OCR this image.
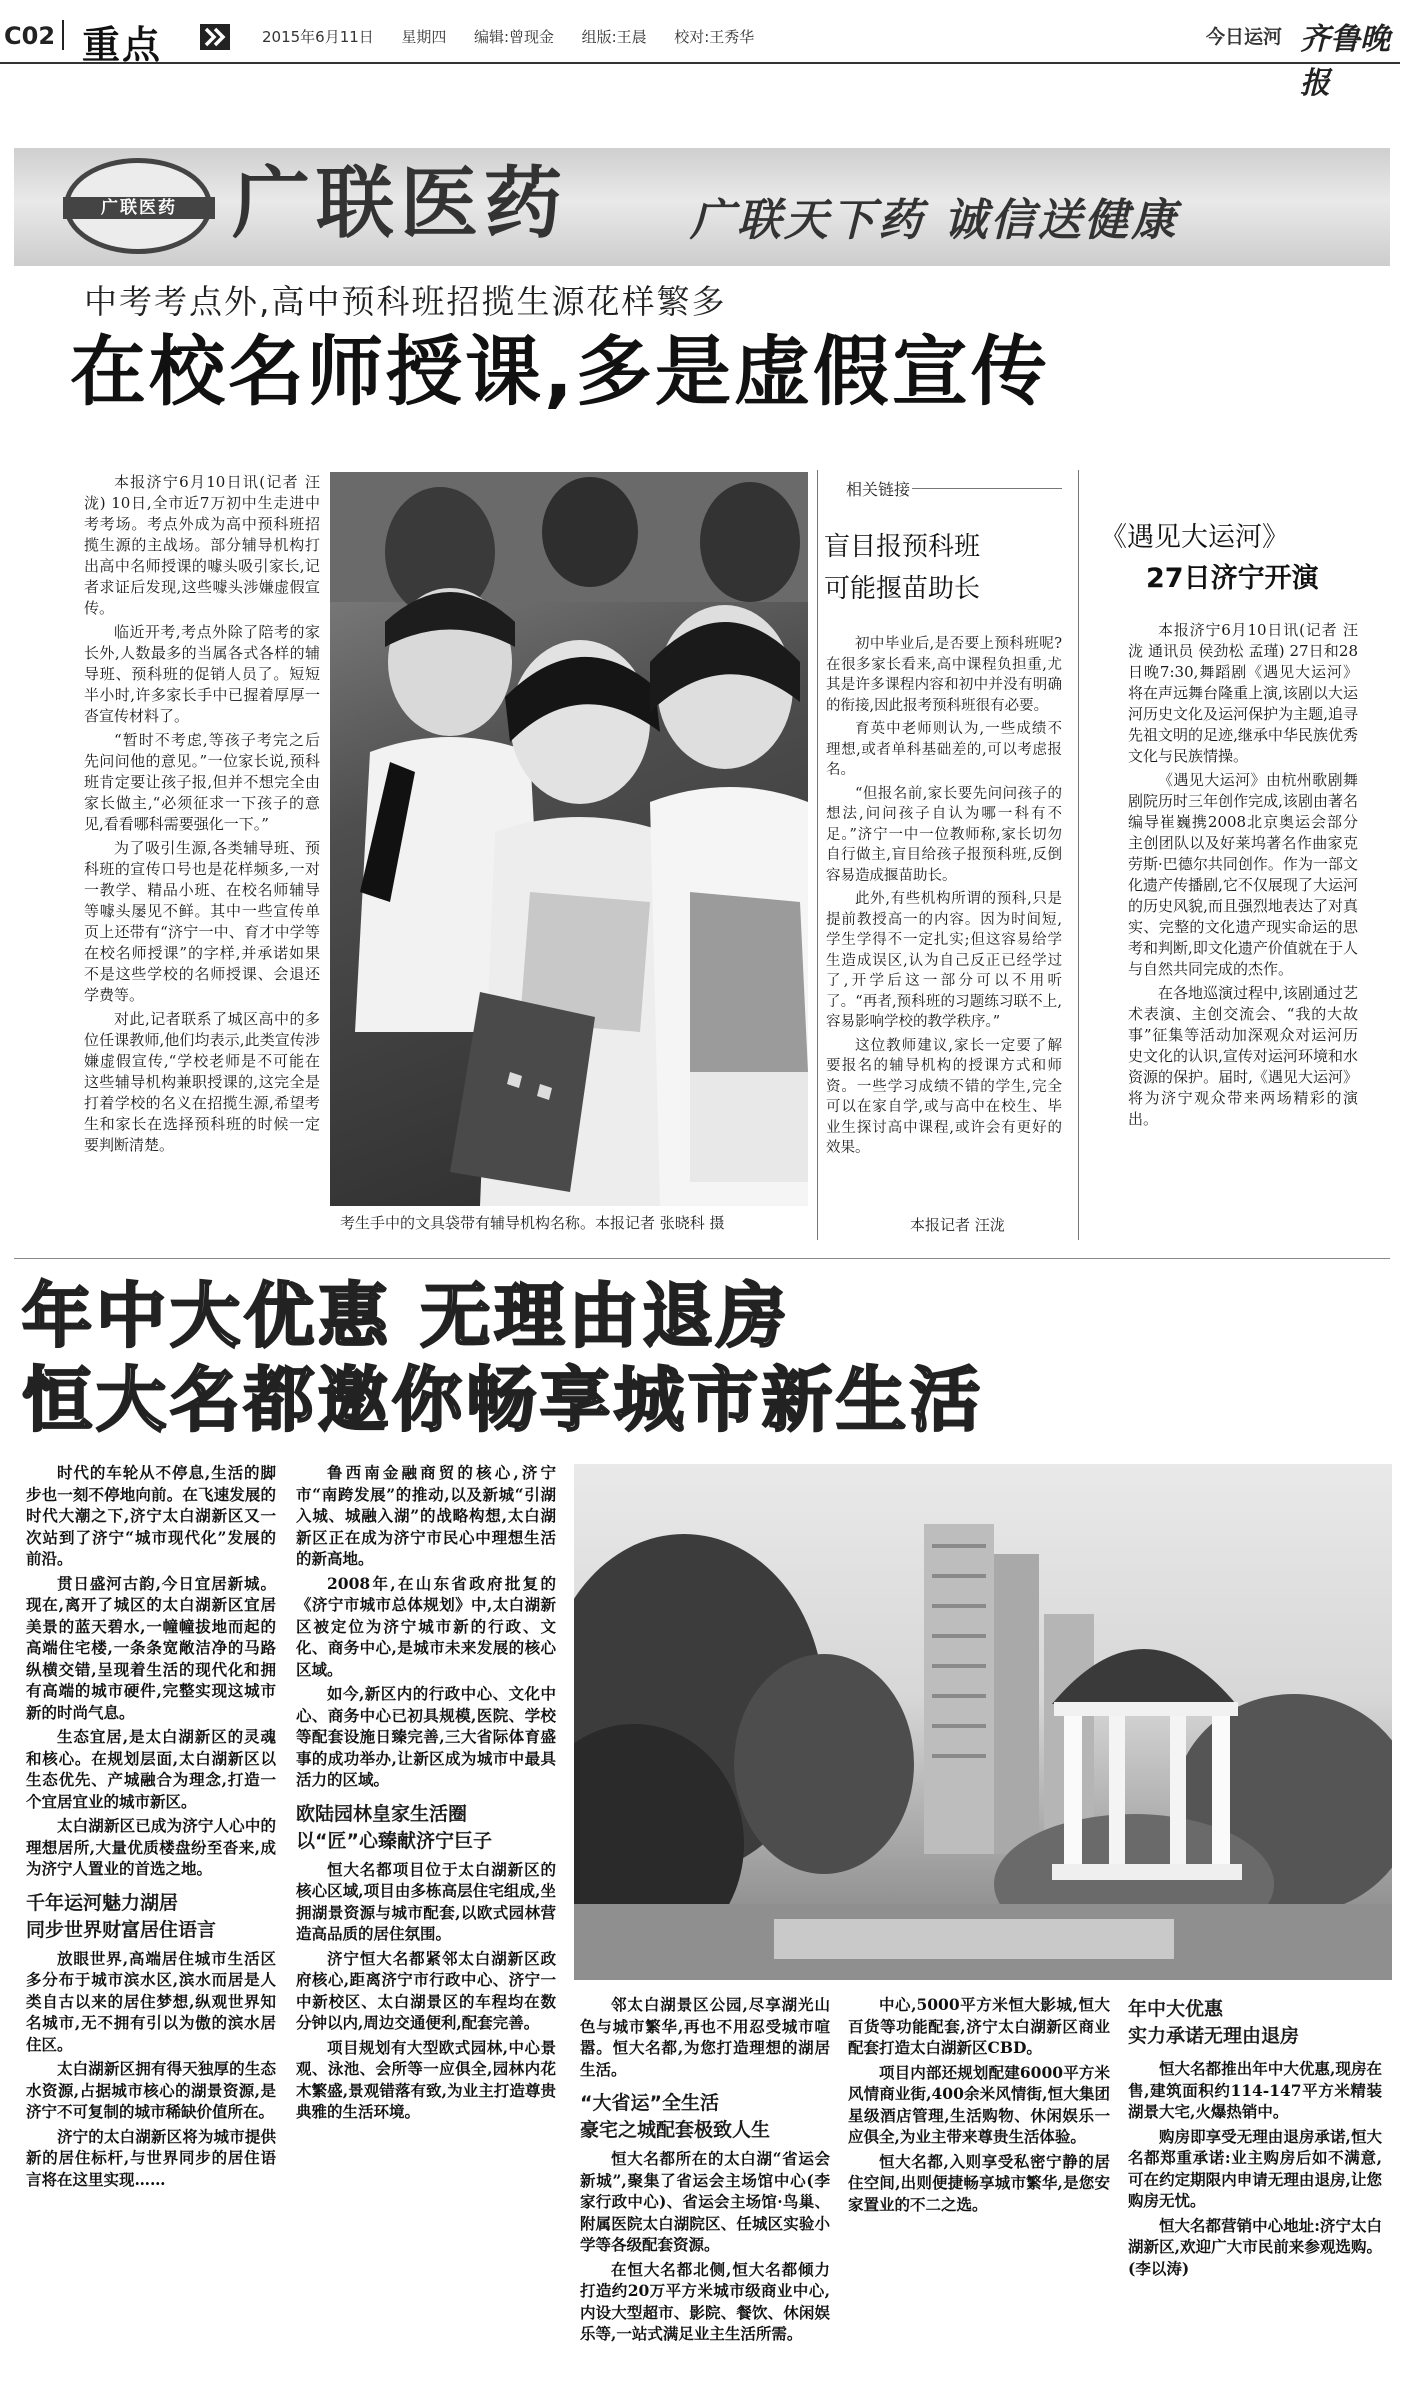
C02 重点	2015年6月11日 星期四 编辑:曾现金 组版:王晨 校对:王秀华	今日运河 齐鲁晚报
广联医药 广联医药	广联天下药 诚信送健康
中考考点外,高中预科班招揽生源花样繁多
在校名师授课,多是虚假宣传

本报济宁6月10日讯(记者 汪泷) 10日,全市近7万初中生走进中考考场。考点外成为高中预科班招揽生源的主战场。部分辅导机构打出高中名师授课的噱头吸引家长,记者求证后发现,这些噱头涉嫌虚假宣传。

临近开考,考点外除了陪考的家长外,人数最多的当属各式各样的辅导班、预科班的促销人员了。短短半小时,许多家长手中已握着厚厚一沓宣传材料了。

“暂时不考虑,等孩子考完之后先问问他的意见。”一位家长说,预科班肯定要让孩子报,但并不想完全由家长做主,“必须征求一下孩子的意见,看看哪科需要强化一下。”

为了吸引生源,各类辅导班、预科班的宣传口号也是花样频多,一对一教学、精品小班、在校名师辅导等噱头屡见不鲜。其中一些宣传单页上还带有“济宁一中、育才中学等在校名师授课”的字样,并承诺如果不是这些学校的名师授课、会退还学费等。

对此,记者联系了城区高中的多位任课教师,他们均表示,此类宣传涉嫌虚假宣传,“学校老师是不可能在这些辅导机构兼职授课的,这完全是打着学校的名义在招揽生源,希望考生和家长在选择预科班的时候一定要判断清楚。

考生手中的文具袋带有辅导机构名称。本报记者 张晓科 摄
相关链接
盲目报预科班
可能揠苗助长

初中毕业后,是否要上预科班呢?在很多家长看来,高中课程负担重,尤其是许多课程内容和初中并没有明确的衔接,因此报考预科班很有必要。

育英中老师则认为,一些成绩不理想,或者单科基础差的,可以考虑报名。

“但报名前,家长要先问问孩子的想法,问问孩子自认为哪一科有不足。”济宁一中一位教师称,家长切勿自行做主,盲目给孩子报预科班,反倒容易造成揠苗助长。

此外,有些机构所谓的预科,只是提前教授高一的内容。因为时间短,学生学得不一定扎实;但这容易给学生造成误区,认为自己反正已经学过了,开学后这一部分可以不用听了。“再者,预科班的习题练习联不上,容易影响学校的教学秩序。”

这位教师建议,家长一定要了解要报名的辅导机构的授课方式和师资。一些学习成绩不错的学生,完全可以在家自学,或与高中在校生、毕业生探讨高中课程,或许会有更好的效果。

本报记者 汪泷
《遇见大运河》
27日济宁开演

本报济宁6月10日讯(记者 汪泷 通讯员 侯劲松 孟瑾) 27日和28日晚7:30,舞蹈剧《遇见大运河》将在声远舞台隆重上演,该剧以大运河历史文化及运河保护为主题,追寻先祖文明的足迹,继承中华民族优秀文化与民族情操。

《遇见大运河》由杭州歌剧舞剧院历时三年创作完成,该剧由著名编导崔巍携2008北京奥运会部分主创团队以及好莱坞著名作曲家克劳斯·巴德尔共同创作。作为一部文化遗产传播剧,它不仅展现了大运河的历史风貌,而且强烈地表达了对真实、完整的文化遗产现实命运的思考和判断,即文化遗产价值就在于人与自然共同完成的杰作。

在各地巡演过程中,该剧通过艺术表演、主创交流会、“我的大故事”征集等活动加深观众对运河历史文化的认识,宣传对运河环境和水资源的保护。届时,《遇见大运河》将为济宁观众带来两场精彩的演出。

年中大优惠 无理由退房
恒大名都邀你畅享城市新生活

时代的车轮从不停息,生活的脚步也一刻不停地向前。在飞速发展的时代大潮之下,济宁太白湖新区又一次站到了济宁“城市现代化”发展的前沿。

贯日盛河古韵,今日宜居新城。现在,离开了城区的太白湖新区宜居美景的蓝天碧水,一幢幢拔地而起的高端住宅楼,一条条宽敞洁净的马路纵横交错,呈现着生活的现代化和拥有高端的城市硬件,完整实现这城市新的时尚气息。

生态宜居,是太白湖新区的灵魂和核心。在规划层面,太白湖新区以生态优先、产城融合为理念,打造一个宜居宜业的城市新区。

太白湖新区已成为济宁人心中的理想居所,大量优质楼盘纷至沓来,成为济宁人置业的首选之地。

千年运河魅力湖居
同步世界财富居住语言

放眼世界,高端居住城市生活区多分布于城市滨水区,滨水而居是人类自古以来的居住梦想,纵观世界知名城市,无不拥有引以为傲的滨水居住区。

太白湖新区拥有得天独厚的生态水资源,占据城市核心的湖景资源,是济宁不可复制的城市稀缺价值所在。

济宁的太白湖新区将为城市提供新的居住标杆,与世界同步的居住语言将在这里实现……

鲁西南金融商贸的核心,济宁市“南跨发展”的推动,以及新城“引湖入城、城融入湖”的战略构想,太白湖新区正在成为济宁市民心中理想生活的新高地。

2008年,在山东省政府批复的《济宁市城市总体规划》中,太白湖新区被定位为济宁城市新的行政、文化、商务中心,是城市未来发展的核心区域。

如今,新区内的行政中心、文化中心、商务中心已初具规模,医院、学校等配套设施日臻完善,三大省际体育盛事的成功举办,让新区成为城市中最具活力的区域。

欧陆园林皇家生活圈
以“匠”心臻献济宁巨子

恒大名都项目位于太白湖新区的核心区域,项目由多栋高层住宅组成,坐拥湖景资源与城市配套,以欧式园林营造高品质的居住氛围。

济宁恒大名都紧邻太白湖新区政府核心,距离济宁市行政中心、济宁一中新校区、太白湖景区的车程均在数分钟以内,周边交通便利,配套完善。

项目规划有大型欧式园林,中心景观、泳池、会所等一应俱全,园林内花木繁盛,景观错落有致,为业主打造尊贵典雅的生活环境。

邻太白湖景区公园,尽享湖光山色与城市繁华,再也不用忍受城市喧嚣。恒大名都,为您打造理想的湖居生活。

“大省运”全生活
豪宅之城配套极致人生

恒大名都所在的太白湖“省运会新城”,聚集了省运会主场馆中心(李家行政中心)、省运会主场馆·鸟巢、附属医院太白湖院区、任城区实验小学等各级配套资源。

在恒大名都北侧,恒大名都倾力打造约20万平方米城市级商业中心,内设大型超市、影院、餐饮、休闲娱乐等,一站式满足业主生活所需。

中心,5000平方米恒大影城,恒大百货等功能配套,济宁太白湖新区商业配套打造太白湖新区CBD。

项目内部还规划配建6000平方米风情商业街,400余米风情街,恒大集团星级酒店管理,生活购物、休闲娱乐一应俱全,为业主带来尊贵生活体验。

恒大名都,入则享受私密宁静的居住空间,出则便捷畅享城市繁华,是您安家置业的不二之选。

年中大优惠
实力承诺无理由退房

恒大名都推出年中大优惠,现房在售,建筑面积约114-147平方米精装湖景大宅,火爆热销中。

购房即享受无理由退房承诺,恒大名都郑重承诺:业主购房后如不满意,可在约定期限内申请无理由退房,让您购房无忧。

恒大名都营销中心地址:济宁太白湖新区,欢迎广大市民前来参观选购。(李以涛)
